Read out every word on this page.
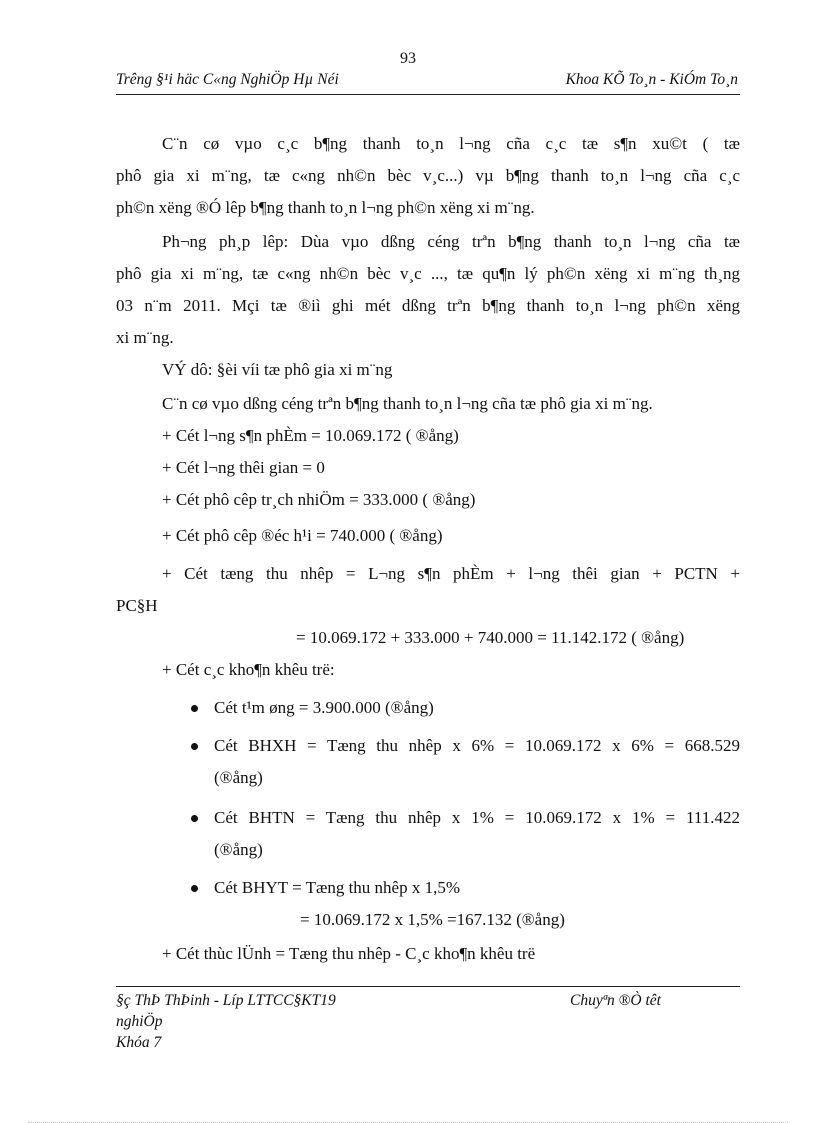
93
Trêng §¹i häc C«ng NghiÖp Hµ Néi	Khoa KÕ To¸n - KiÓm To¸n
C¨n cø vµo c¸c b¶ng thanh to¸n l¬ng cña c¸c tæ s¶n xu©t ( tæ
phô gia xi m¨ng, tæ c«ng nh©n bèc v¸c...) vµ b¶ng thanh to¸n l¬ng cña c¸c
ph©n xëng ®Ó lêp b¶ng thanh to¸n l¬ng ph©n xëng xi m¨ng.
Ph¬ng ph¸p lêp: Dùa vµo dßng céng trªn b¶ng thanh to¸n l¬ng cña tæ
phô gia xi m¨ng, tæ c«ng nh©n bèc v¸c ..., tæ qu¶n lý ph©n xëng xi m¨ng th¸ng
03 n¨m 2011. Mçi tæ ®iì ghi mét dßng trªn b¶ng thanh to¸n l¬ng ph©n xëng
xi m¨ng.
VÝ dô: §èi víi tæ phô gia xi m¨ng
C¨n cø vµo dßng céng trªn b¶ng thanh to¸n l¬ng cña tæ phô gia xi m¨ng.
+ Cét l¬ng s¶n phÈm = 10.069.172 ( ®ång)
+ Cét l¬ng thêi gian = 0
+ Cét phô cêp tr¸ch nhiÖm = 333.000 ( ®ång)
+ Cét phô cêp ®éc h¹i = 740.000 ( ®ång)
+ Cét tæng thu nhêp = L¬ng s¶n phÈm + l¬ng thêi gian + PCTN +
PC§H
= 10.069.172 + 333.000 + 740.000 = 11.142.172 ( ®ång)
+ Cét c¸c kho¶n khêu trë:
Cét t¹m øng = 3.900.000 (®ång)
Cét BHXH = Tæng thu nhêp x 6% = 10.069.172 x 6% = 668.529
(®ång)
Cét BHTN = Tæng thu nhêp x 1% = 10.069.172 x 1% = 111.422
(®ång)
Cét BHYT = Tæng thu nhêp x 1,5%
= 10.069.172 x 1,5% =167.132 (®ång)
+ Cét thùc lÜnh = Tæng thu nhêp - C¸c kho¶n khêu trë
§ç ThÞ ThÞinh - Líp LTTCC§KT19	Chuyªn ®Ò têt
nghiÖp
Khóa 7
